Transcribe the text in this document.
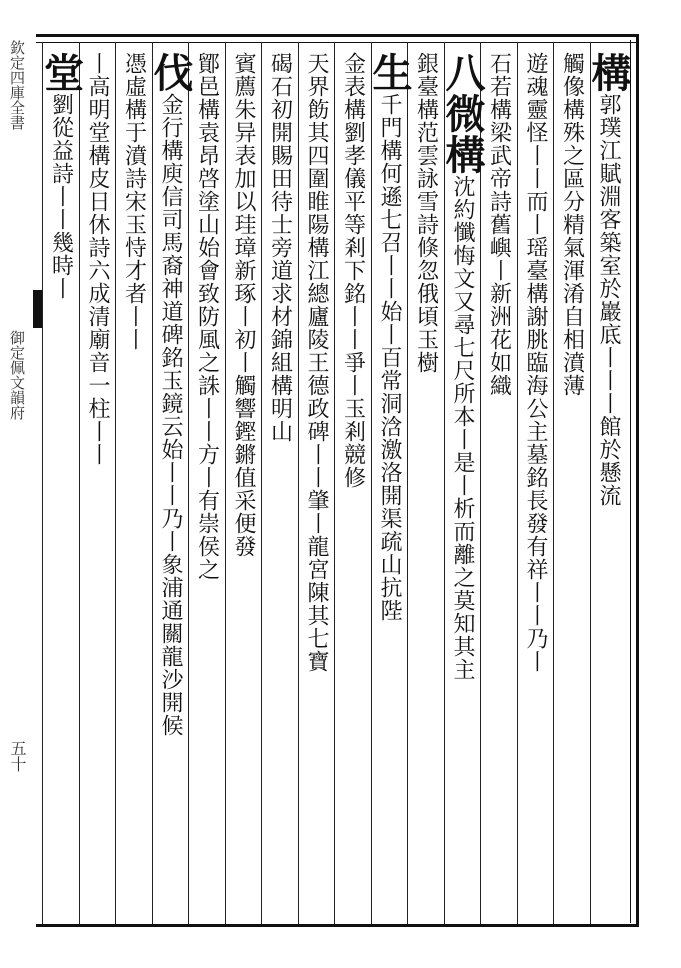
欽定四庫全書
御定佩文韻府
五十
構郭璞江賦淵客築室於巖底丨丨丨館於懸流
觸像構殊之區分精氣渾淆自相濆薄
遊魂靈怪丨丨而丨瑶臺構謝朓臨海公主墓銘長發有祥丨丨乃丨
石若構梁武帝詩舊嶼丨新洲花如織
八微構沈約懺悔文又尋七尺所本丨是丨析而離之莫知其主
銀臺構范雲詠雪詩倏忽俄頃玉樹
生千門構何遜七召丨丨始丨百常洞浛激洛開渠疏山抗陛
金表構劉孝儀平等剎下銘丨丨爭丨玉剎競修
天界飭其四圍睢陽構江總廬陵王德政碑丨丨肇丨龍宮陳其七寶
碣石初開賜田待士旁道求材錦組構明山
賓薦朱异表加以珪璋新琢丨初丨觸響鏗鏘值采便發
鄮邑構袁昂啓塗山始會致防風之誅丨丨方丨有崇侯之
伐金行構庾信司馬裔神道碑銘玉鏡云始丨丨乃丨象浦通關龍沙開候
憑虛構于濆詩宋玉恃才者丨丨
丨高明堂構皮日休詩六成清廟音一柱丨丨
堂劉從益詩丨丨幾時丨
